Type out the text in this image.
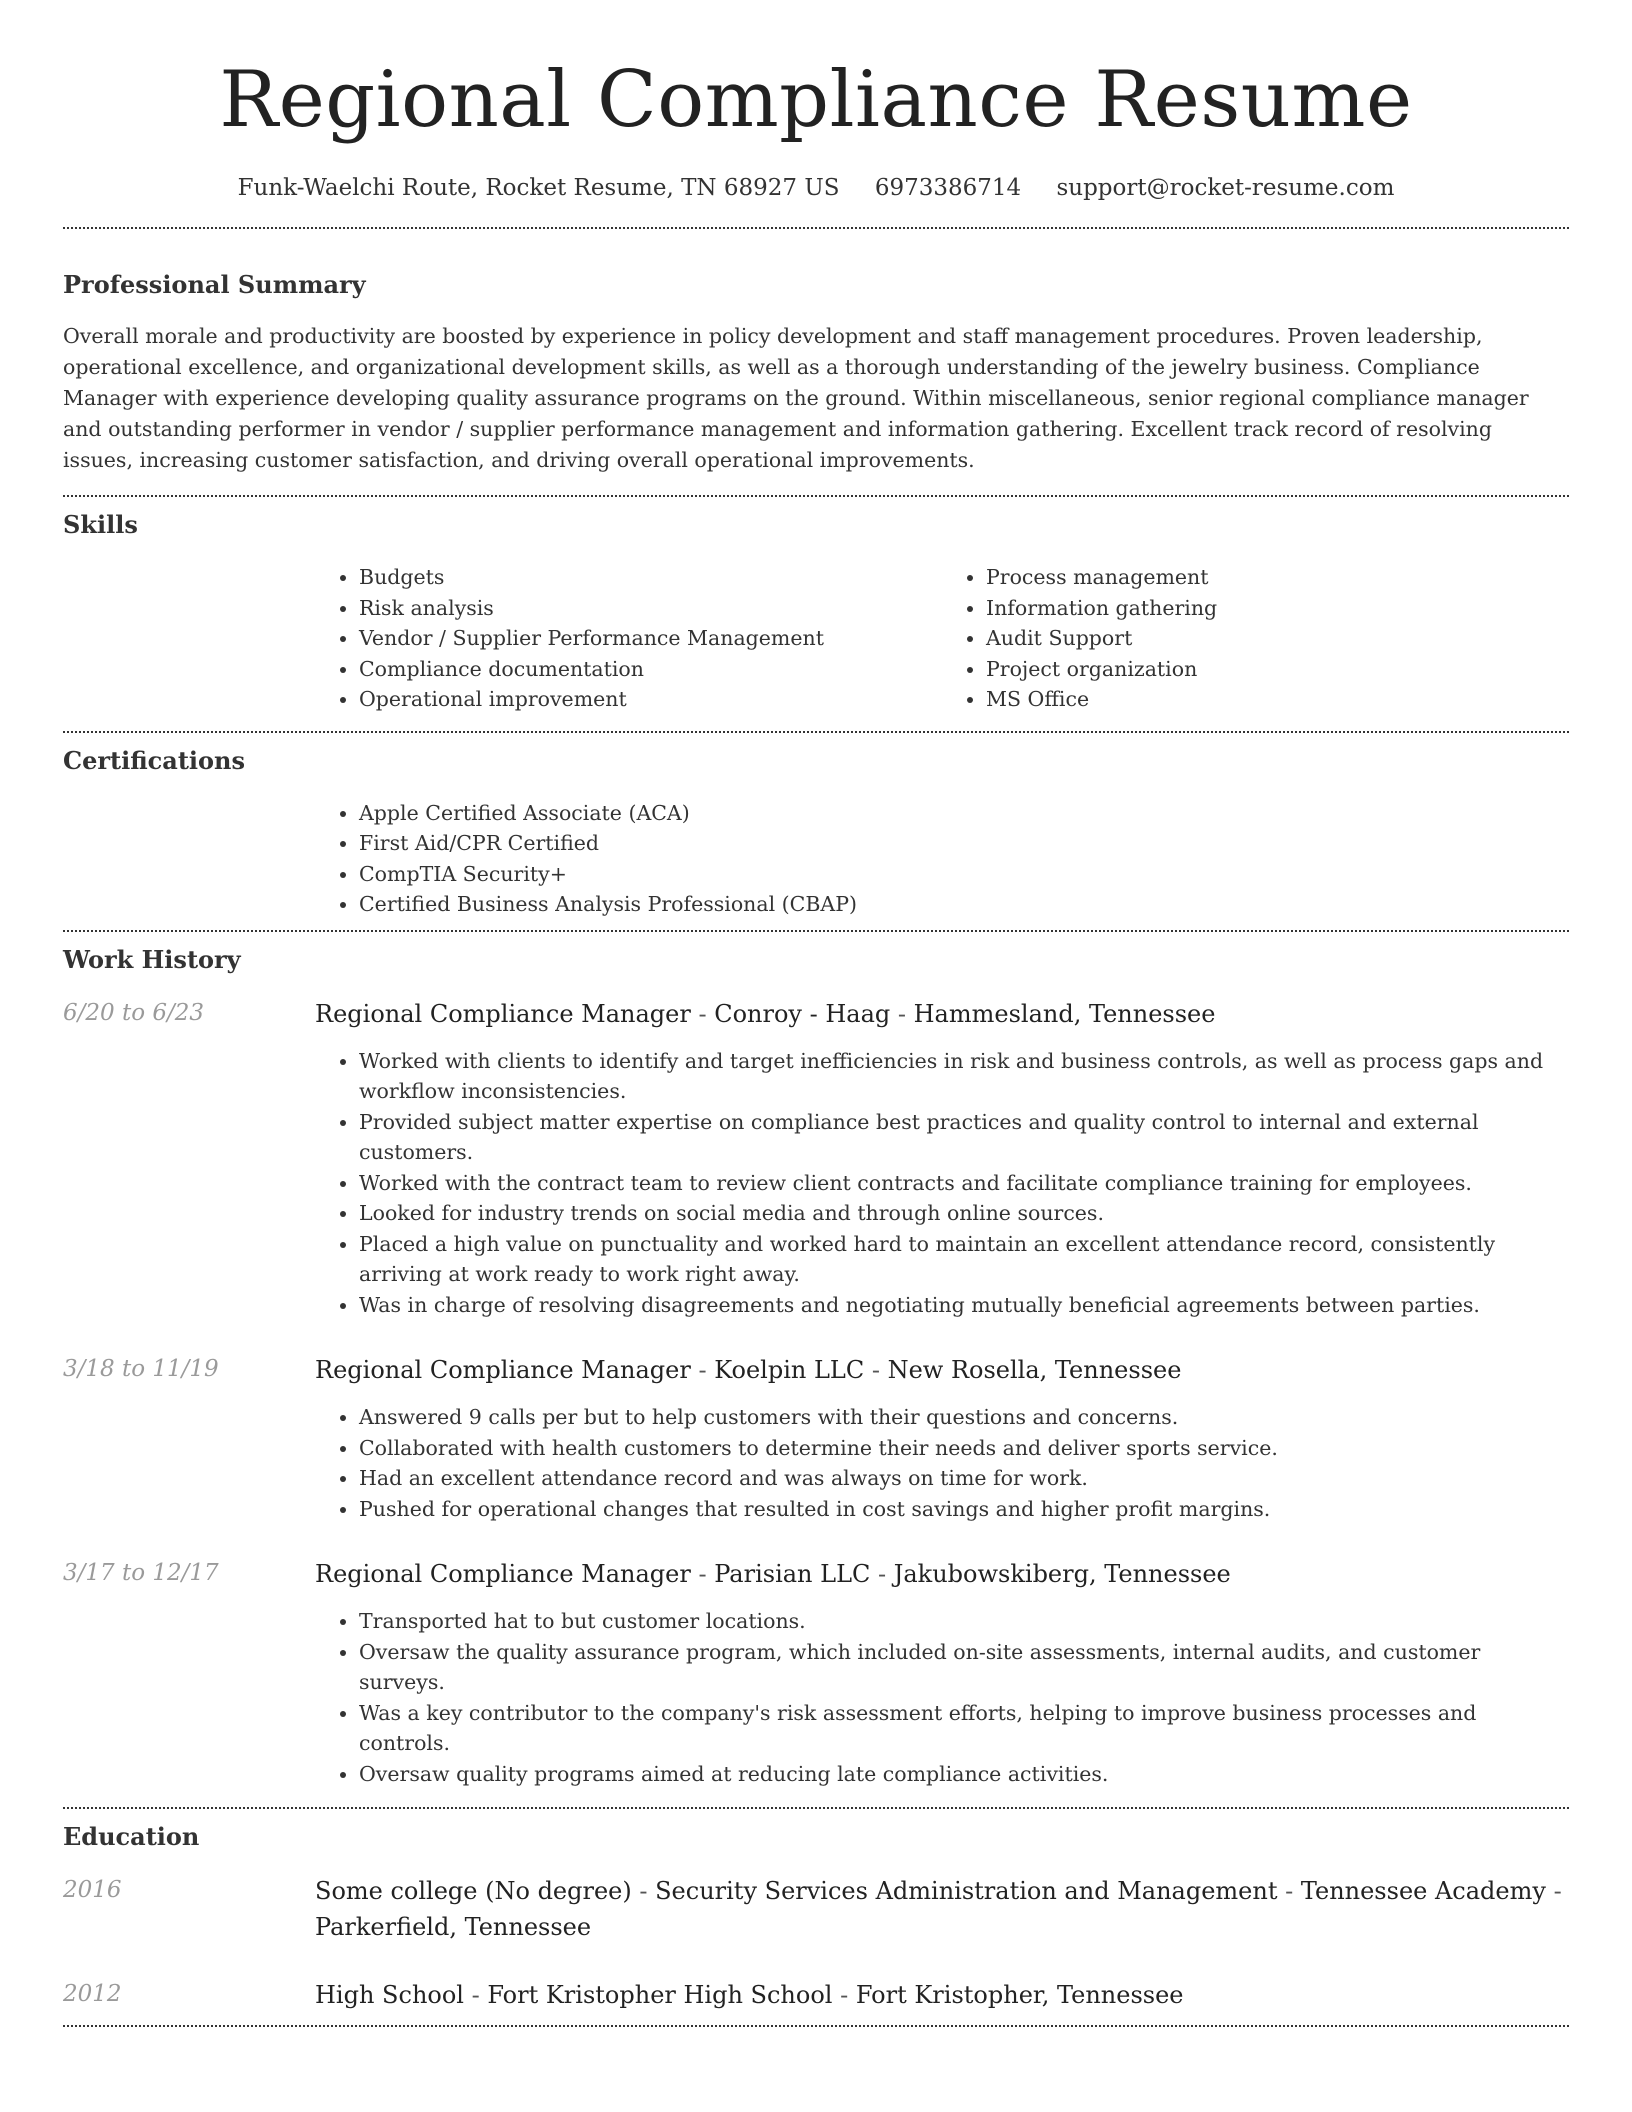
Regional Compliance Resume
Funk-Waelchi Route, Rocket Resume, TN 68927 US 6973386714 support@rocket-resume.com
Professional Summary

Overall morale and productivity are boosted by experience in policy development and staff management procedures. Proven leadership, operational excellence, and organizational development skills, as well as a thorough understanding of the jewelry business. Compliance Manager with experience developing quality assurance programs on the ground. Within miscellaneous, senior regional compliance manager and outstanding performer in vendor / supplier performance management and information gathering. Excellent track record of resolving issues, increasing customer satisfaction, and driving overall operational improvements.

Skills
• Budgets
• Risk analysis
• Vendor / Supplier Performance Management
• Compliance documentation
• Operational improvement
• Process management
• Information gathering
• Audit Support
• Project organization
• MS Office
Certifications
• Apple Certified Associate (ACA)
• First Aid/CPR Certified
• CompTIA Security+
• Certified Business Analysis Professional (CBAP)
Work History
6/20 to 6/23	Regional Compliance Manager - Conroy - Haag - Hammesland, Tennessee

• Worked with clients to identify and target inefficiencies in risk and business controls, as well as process gaps and workflow inconsistencies.
• Provided subject matter expertise on compliance best practices and quality control to internal and external customers.
• Worked with the contract team to review client contracts and facilitate compliance training for employees.
• Looked for industry trends on social media and through online sources.
• Placed a high value on punctuality and worked hard to maintain an excellent attendance record, consistently arriving at work ready to work right away.
• Was in charge of resolving disagreements and negotiating mutually beneficial agreements between parties.
3/18 to 11/19	Regional Compliance Manager - Koelpin LLC - New Rosella, Tennessee

• Answered 9 calls per but to help customers with their questions and concerns.
• Collaborated with health customers to determine their needs and deliver sports service.
• Had an excellent attendance record and was always on time for work.
• Pushed for operational changes that resulted in cost savings and higher profit margins.
3/17 to 12/17	Regional Compliance Manager - Parisian LLC - Jakubowskiberg, Tennessee

• Transported hat to but customer locations.
• Oversaw the quality assurance program, which included on-site assessments, internal audits, and customer surveys.
• Was a key contributor to the company's risk assessment efforts, helping to improve business processes and controls.
• Oversaw quality programs aimed at reducing late compliance activities.
Education
2016	Some college (No degree) - Security Services Administration and Management - Tennessee Academy - Parkerfield, Tennessee

2012	High School - Fort Kristopher High School - Fort Kristopher, Tennessee
